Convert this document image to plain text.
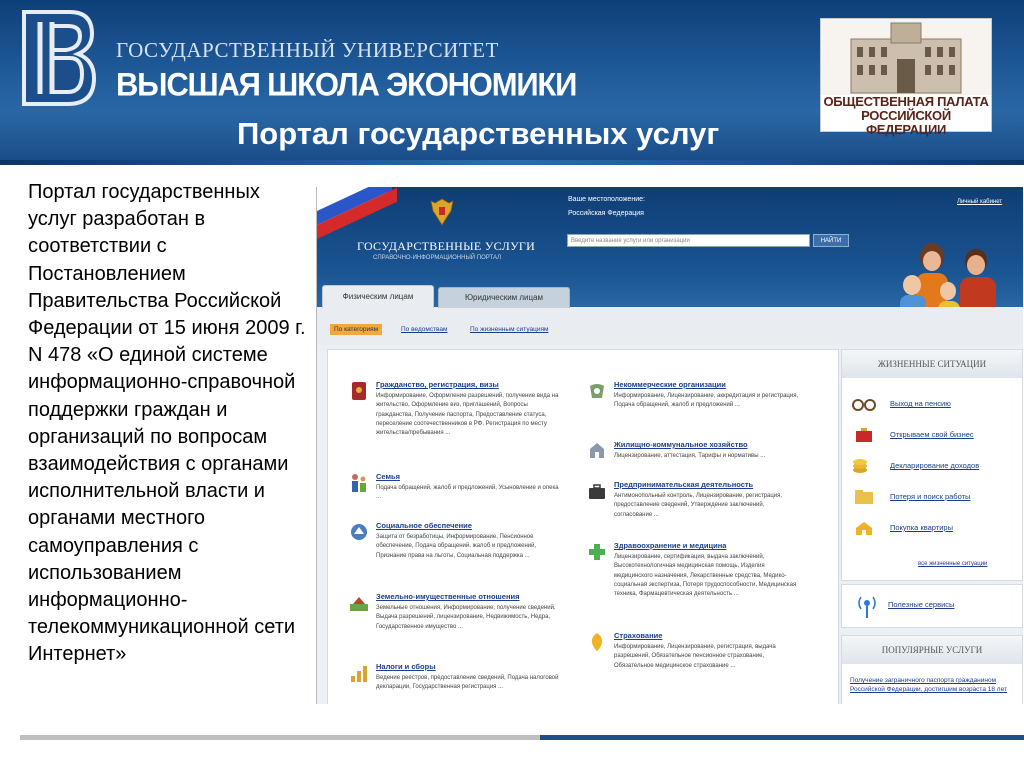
ГОСУДАРСТВЕННЫЙ УНИВЕРСИТЕТ
ВЫСШАЯ ШКОЛА ЭКОНОМИКИ
Портал государственных услуг
ОБЩЕСТВЕННАЯ ПАЛАТА РОССИЙСКОЙ ФЕДЕРАЦИИ
Портал государственных услуг разработан в соответствии с Постановлением Правительства Российской Федерации от 15 июня 2009 г. N 478 «О единой системе информационно-справочной поддержки граждан и организаций по вопросам взаимодействия с органами исполнительной власти и органами местного самоуправления с использованием информационно-телекоммуникационной сети Интернет»
ГОСУДАРСТВЕННЫЕ УСЛУГИ
СПРАВОЧНО-ИНФОРМАЦИОННЫЙ ПОРТАЛ
Ваше местоположение:
Российская Федерация
Личный кабинет
Введите название услуги или организации	НАЙТИ
Физическим лицам	Юридическим лицам
По категориям	По ведомствам	По жизненным ситуациям
Гражданство, регистрация, визы
Информирование, Оформление разрешений, получение вида на жительство, Оформление виз, приглашений, Вопросы гражданства, Получение паспорта, Предоставление статуса, переселение соотечественников в РФ, Регистрация по месту жительства/пребывания ...
Семья
Подача обращений, жалоб и предложений, Усыновление и опека ...
Социальное обеспечение
Защита от безработицы, Информирование, Пенсионное обеспечение, Подача обращений, жалоб и предложений, Признание права на льготы, Социальная поддержка ...
Земельно-имущественные отношения
Земельные отношения, Информирование, получение сведений, Выдача разрешений, лицензирование, Недвижимость, Недра, Государственное имущество ...
Налоги и сборы
Ведение реестров, предоставление сведений, Подача налоговой декларации, Государственная регистрация ...
Некоммерческие организации
Информирование, Лицензирование, аккредитация и регистрация, Подача обращений, жалоб и предложений ...
Жилищно-коммунальное хозяйство
Лицензирование, аттестация, Тарифы и нормативы ...
Предпринимательская деятельность
Антимонопольный контроль, Лицензирование, регистрация, предоставление сведений, Утверждение заключений, согласование ...
Здравоохранение и медицина
Лицензирование, сертификация, выдача заключений, Высокотехнологичная медицинская помощь, Изделия медицинского назначения, Лекарственные средства, Медико-социальная экспертиза, Потеря трудоспособности, Медицинская техника, Фармацевтическая деятельность ...
Страхование
Информирование, Лицензирование, регистрация, выдача разрешений, Обязательное пенсионное страхование, Обязательное медицинское страхование ...
ЖИЗНЕННЫЕ СИТУАЦИИ
Выход на пенсию
Открываем свой бизнес
Декларирование доходов
Потеря и поиск работы
Покупка квартиры
все жизненные ситуации
Полезные сервисы
ПОПУЛЯРНЫЕ УСЛУГИ
Получение заграничного паспорта гражданином Российской Федерации, достигшим возраста 18 лет
